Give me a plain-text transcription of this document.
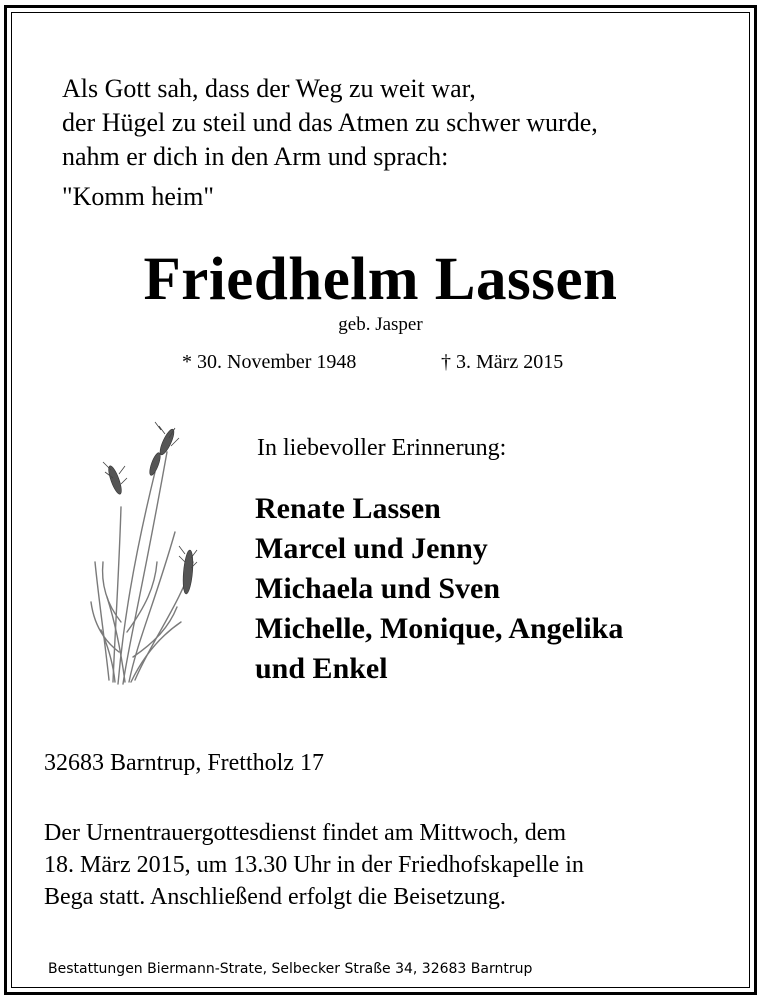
Als Gott sah, dass der Weg zu weit war,
der Hügel zu steil und das Atmen zu schwer wurde,
nahm er dich in den Arm und sprach:
"Komm heim"
Friedhelm Lassen
geb. Jasper
* 30. November 1948	† 3. März 2015
In liebevoller Erinnerung:
Renate Lassen
Marcel und Jenny
Michaela und Sven
Michelle, Monique, Angelika
und Enkel
32683 Barntrup, Frettholz 17
Der Urnentrauergottesdienst findet am Mittwoch, dem
18. März 2015, um 13.30 Uhr in der Friedhofskapelle in
Bega statt. Anschließend erfolgt die Beisetzung.
Bestattungen Biermann-Strate, Selbecker Straße 34, 32683 Barntrup
